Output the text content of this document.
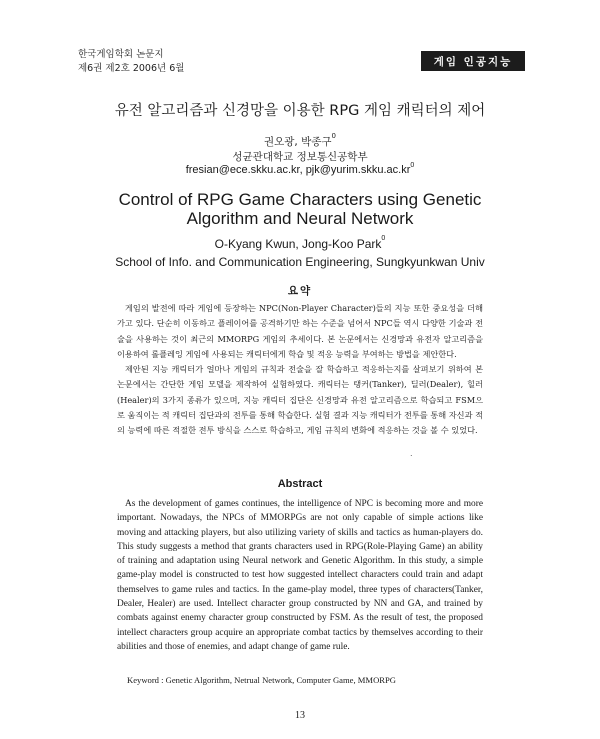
한국게임학회 논문지
제6권 제2호 2006년 6월
게임 인공지능
유전 알고리즘과 신경망을 이용한 RPG 게임 캐릭터의 제어
권오광, 박종구$^0$
성균관대학교 정보통신공학부
fresian@ece.skku.ac.kr, $pjk@yurim.skku.ac.kr^0$
Control of RPG Game Characters using Genetic
Algorithm and Neural Network
O-Kyang Kwun, Jong-Koo Park$^0$
School of Info. and Communication Engineering, Sungkyunkwan Univ
요약

게임의 발전에 따라 게임에 등장하는 NPC(Non-Player Character)들의 지능 또한 중요성을 더해가고 있다. 단순히 이동하고 플레이어를 공격하기만 하는 수준을 넘어서 NPC들 역시 다양한 기술과 전술을 사용하는 것이 최근의 MMORPG 게임의 추세이다. 본 논문에서는 신경망과 유전자 알고리즘을 이용하여 롤플레잉 게임에 사용되는 캐릭터에게 학습 및 적응 능력을 부여하는 방법을 제안한다.

제안된 지능 캐릭터가 얼마나 게임의 규칙과 전술을 잘 학습하고 적응하는지를 살펴보기 위하여 본 논문에서는 간단한 게임 모델을 제작하여 실험하였다. 캐릭터는 탱커(Tanker), 딜러(Dealer), 힐러(Healer)의 3가지 종류가 있으며, 지능 캐릭터 집단은 신경망과 유전 알고리즘으로 학습되고 FSM으로 움직이는 적 캐릭터 집단과의 전투를 통해 학습한다. 실험 결과 지능 캐릭터가 전투를 통해 자신과 적의 능력에 따른 적절한 전투 방식을 스스로 학습하고, 게임 규칙의 변화에 적응하는 것을 볼 수 있었다.

.
Abstract

As the development of games continues, the intelligence of NPC is becoming more and more important. Nowadays, the NPCs of MMORPGs are not only capable of simple actions like moving and attacking players, but also utilizing variety of skills and tactics as human-players do. This study suggests a method that grants characters used in RPG(Role-Playing Game) an ability of training and adaptation using Neural network and Genetic Algorithm. In this study, a simple game-play model is constructed to test how suggested intellect characters could train and adapt themselves to game rules and tactics. In the game-play model, three types of characters(Tanker, Dealer, Healer) are used. Intellect character group constructed by NN and GA, and trained by combats against enemy character group constructed by FSM. As the result of test, the proposed intellect characters group acquire an appropriate combat tactics by themselves according to their abilities and those of enemies, and adapt change of game rule.

Keyword : Genetic Algorithm, Netrual Network, Computer Game, MMORPG
13
